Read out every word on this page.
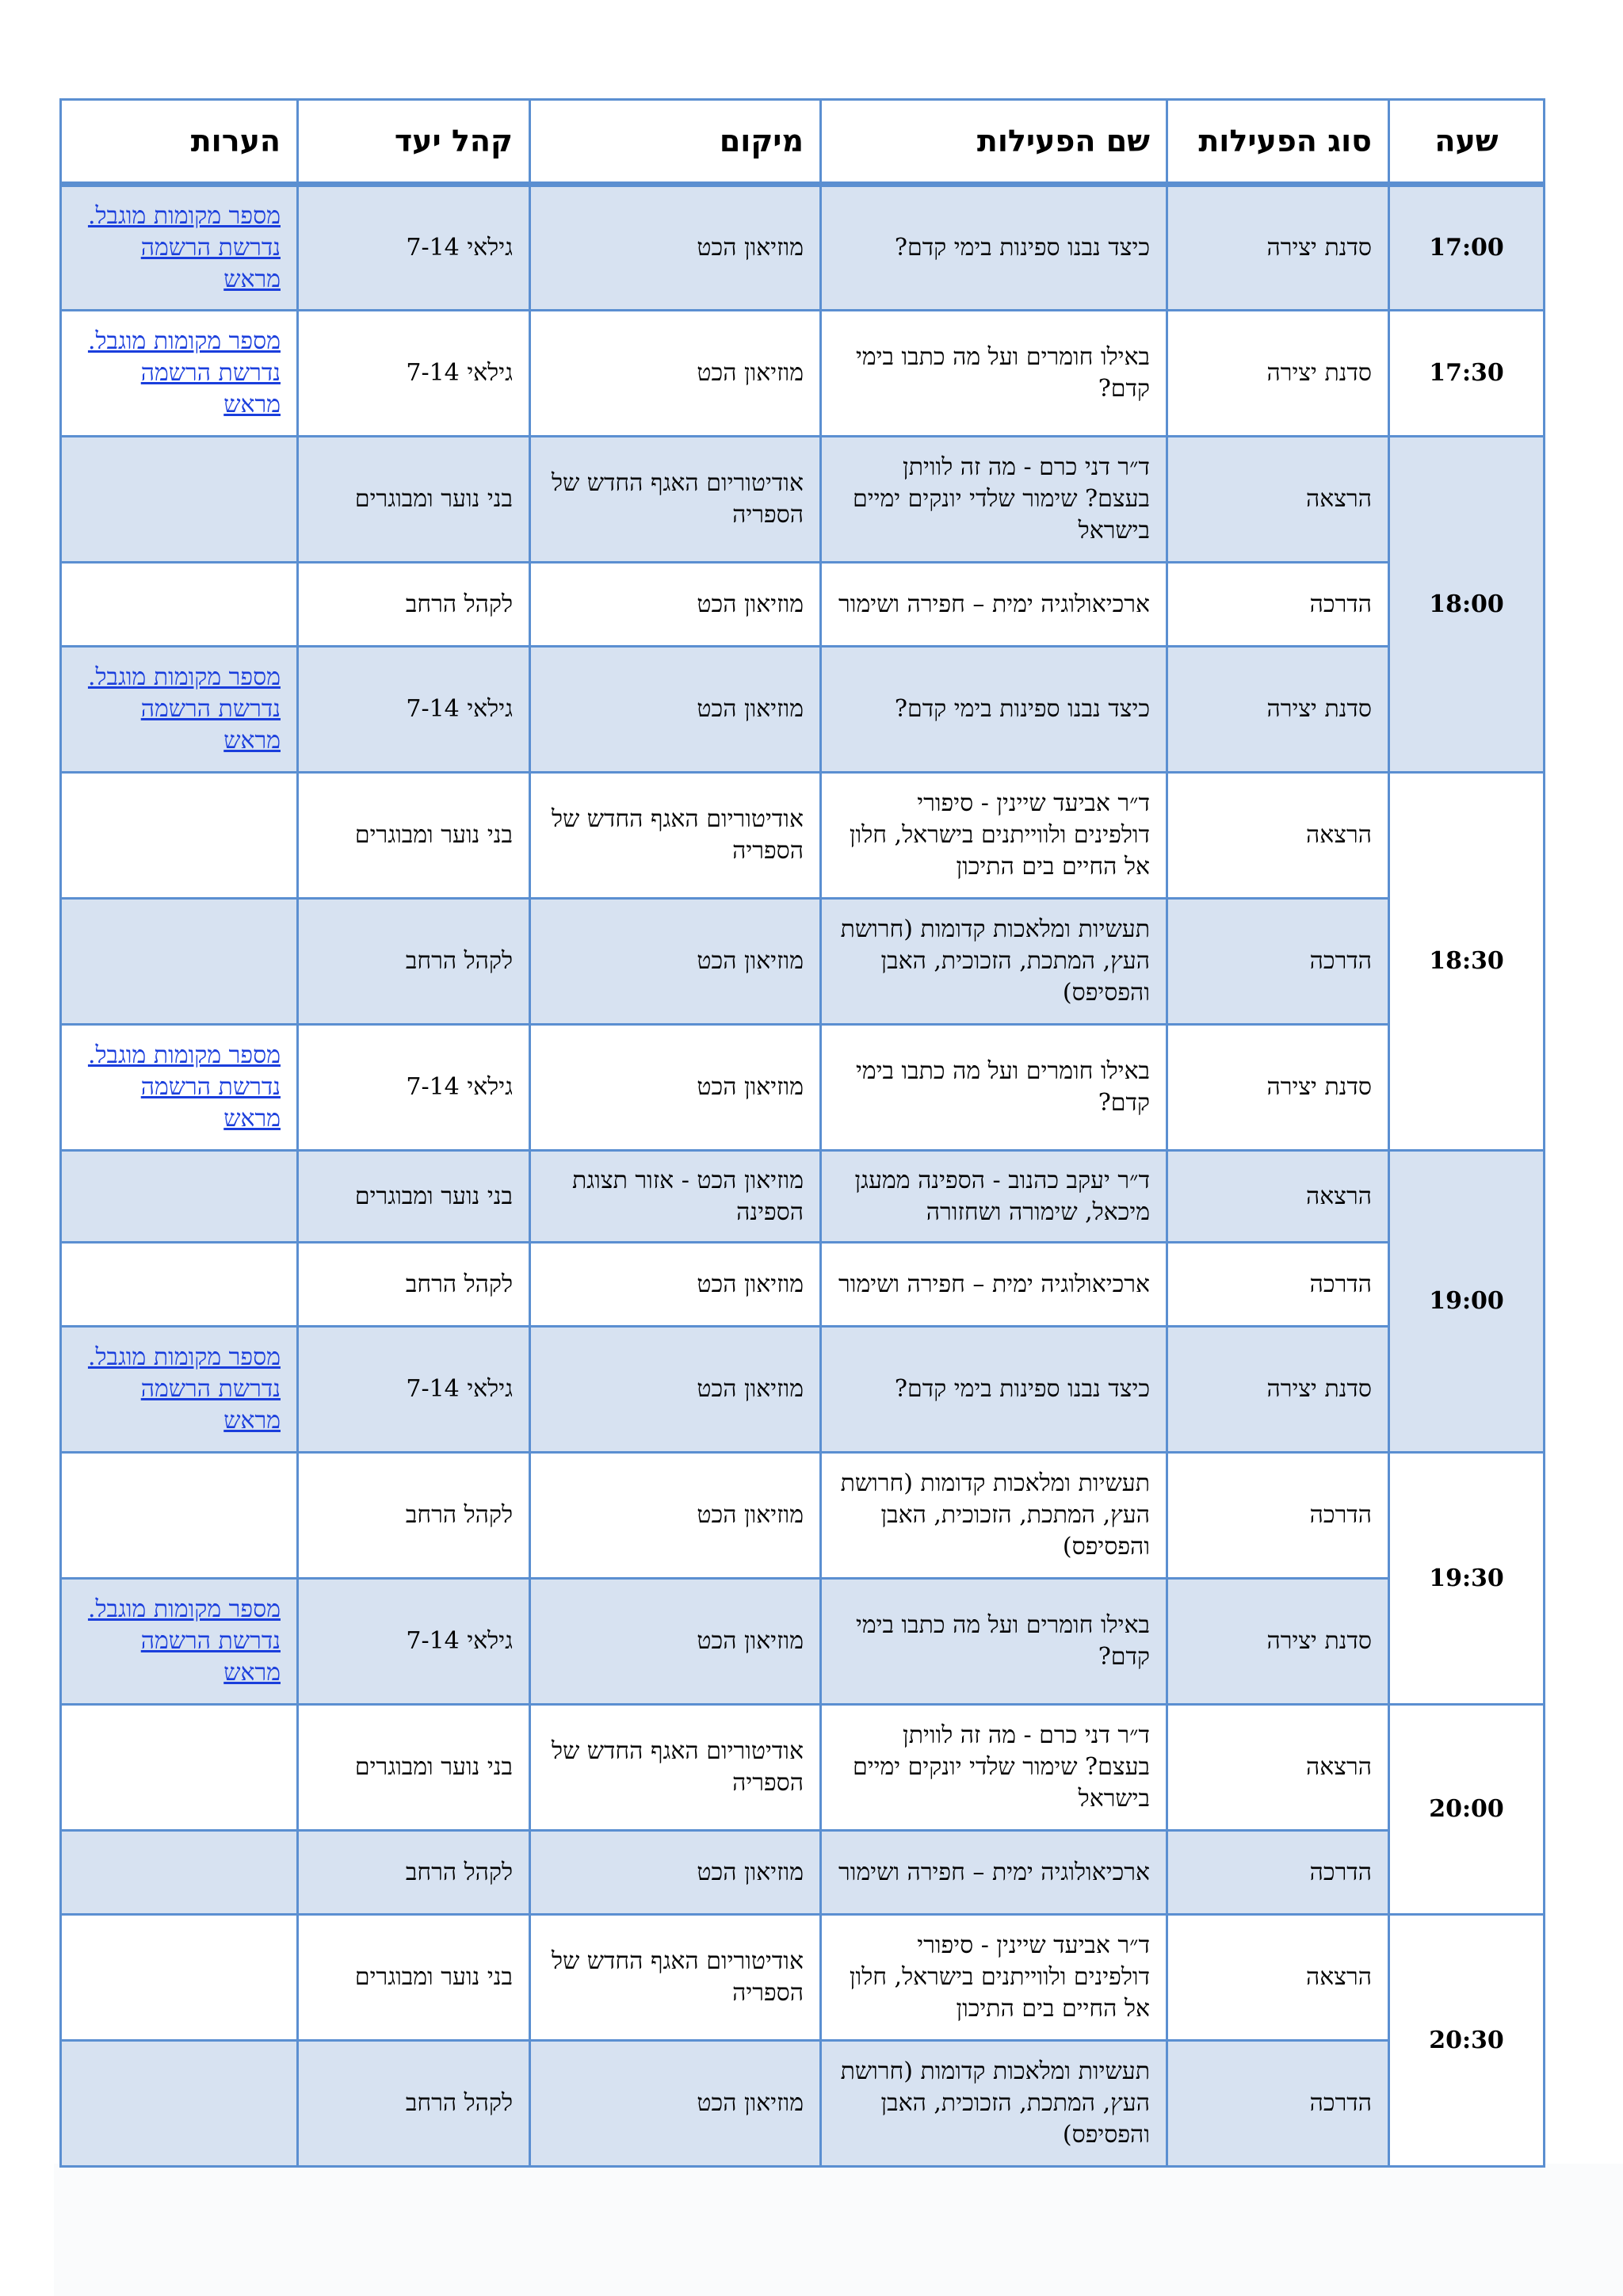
שעה	סוג הפעילות	שם הפעילות	מיקום	קהל יעד	הערות
17:00	סדנת יצירה	כיצד נבנו ספינות בימי קדם?	מוזיאון הכט	גילאי 7-14	מספר מקומות מוגבל. נדרשת הרשמה מראש
17:30	סדנת יצירה	באילו חומרים ועל מה כתבו בימי קדם?	מוזיאון הכט	גילאי 7-14	מספר מקומות מוגבל. נדרשת הרשמה מראש
18:00	הרצאה	ד״ר דני כרם - מה זה לוויתן בעצם? שימור שלדי יונקים ימיים בישראל	אודיטוריום האגף החדש של הספריה	בני נוער ומבוגרים	
	הדרכה	ארכיאולוגיה ימית – חפירה ושימור	מוזיאון הכט	לקהל הרחב	
	סדנת יצירה	כיצד נבנו ספינות בימי קדם?	מוזיאון הכט	גילאי 7-14	מספר מקומות מוגבל. נדרשת הרשמה מראש
18:30	הרצאה	ד״ר אביעד שיינין - סיפורי דולפינים ולווייתנים בישראל, חלון אל החיים בים התיכון	אודיטוריום האגף החדש של הספריה	בני נוער ומבוגרים	
	הדרכה	תעשיות ומלאכות קדומות (חרושת העץ, המתכת, הזכוכית, האבן והפסיפס)	מוזיאון הכט	לקהל הרחב	
	סדנת יצירה	באילו חומרים ועל מה כתבו בימי קדם?	מוזיאון הכט	גילאי 7-14	מספר מקומות מוגבל. נדרשת הרשמה מראש
19:00	הרצאה	ד״ר יעקב כהנוב - הספינה ממעגן מיכאל, שימורה ושחזורה	מוזיאון הכט - אזור תצוגת הספינה	בני נוער ומבוגרים	
	הדרכה	ארכיאולוגיה ימית – חפירה ושימור	מוזיאון הכט	לקהל הרחב	
	סדנת יצירה	כיצד נבנו ספינות בימי קדם?	מוזיאון הכט	גילאי 7-14	מספר מקומות מוגבל. נדרשת הרשמה מראש
19:30	הדרכה	תעשיות ומלאכות קדומות (חרושת העץ, המתכת, הזכוכית, האבן והפסיפס)	מוזיאון הכט	לקהל הרחב	
	סדנת יצירה	באילו חומרים ועל מה כתבו בימי קדם?	מוזיאון הכט	גילאי 7-14	מספר מקומות מוגבל. נדרשת הרשמה מראש
20:00	הרצאה	ד״ר דני כרם - מה זה לוויתן בעצם? שימור שלדי יונקים ימיים בישראל	אודיטוריום האגף החדש של הספריה	בני נוער ומבוגרים	
	הדרכה	ארכיאולוגיה ימית – חפירה ושימור	מוזיאון הכט	לקהל הרחב	
20:30	הרצאה	ד״ר אביעד שיינין - סיפורי דולפינים ולווייתנים בישראל, חלון אל החיים בים התיכון	אודיטוריום האגף החדש של הספריה	בני נוער ומבוגרים	
	הדרכה	תעשיות ומלאכות קדומות (חרושת העץ, המתכת, הזכוכית, האבן והפסיפס)	מוזיאון הכט	לקהל הרחב	
